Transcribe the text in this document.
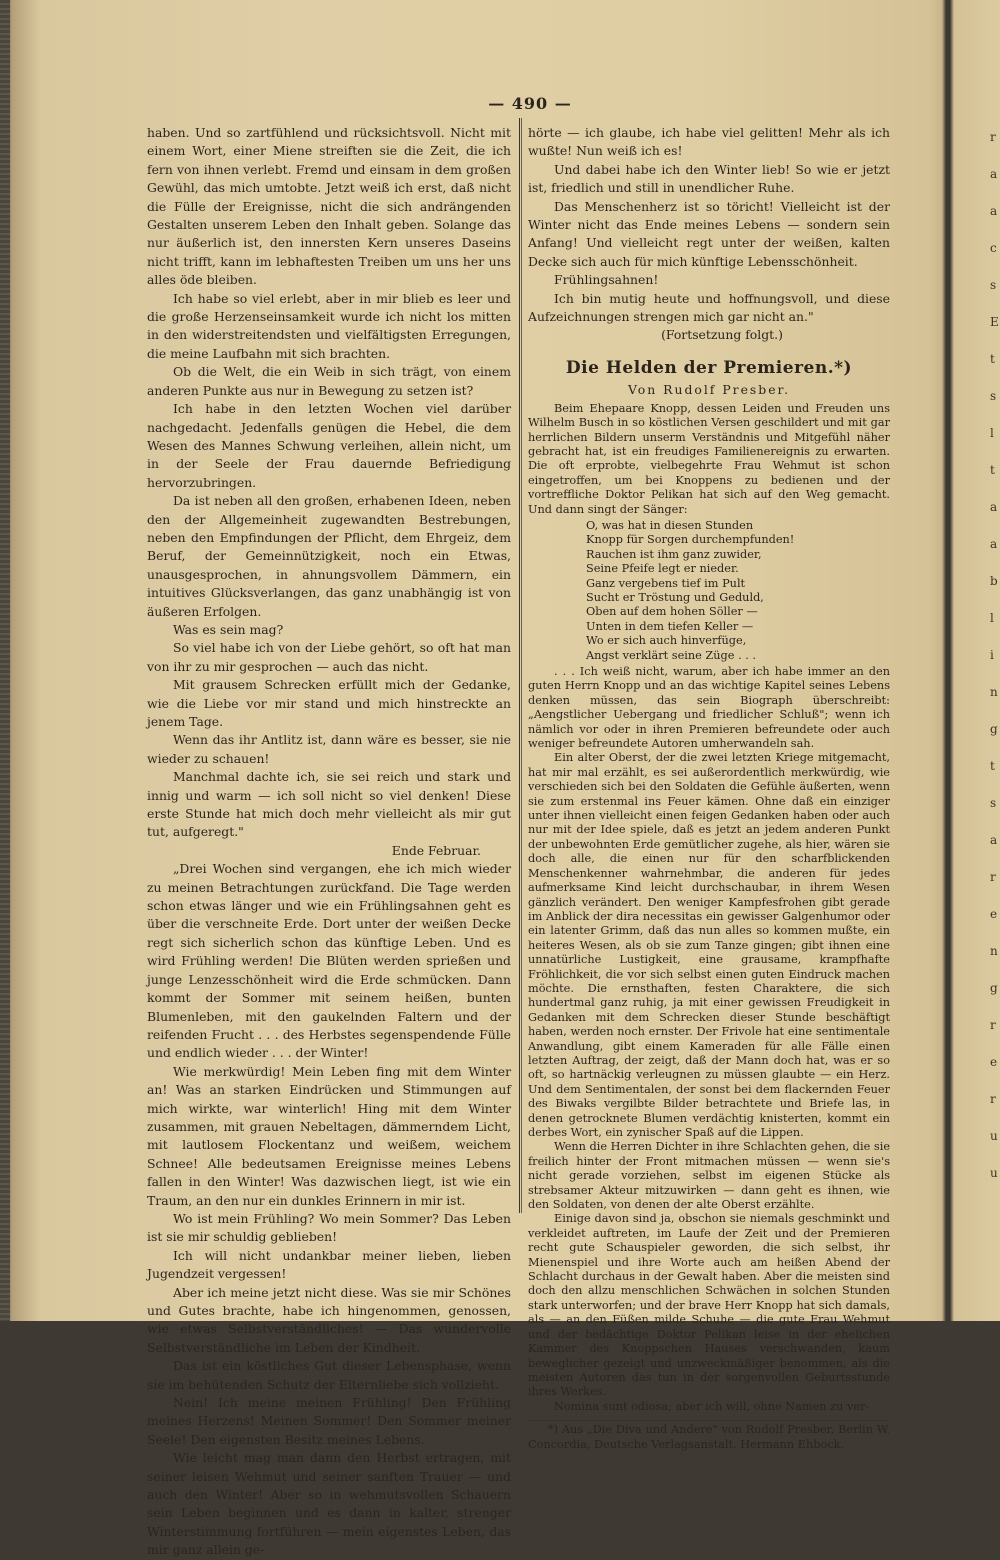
— 490 —

haben. Und so zartfühlend und rücksichtsvoll. Nicht mit einem Wort, einer Miene streiften sie die Zeit, die ich fern von ihnen verlebt. Fremd und einsam in dem großen Gewühl, das mich umtobte. Jetzt weiß ich erst, daß nicht die Fülle der Ereignisse, nicht die sich andrängenden Gestalten unserem Leben den Inhalt geben. Solange das nur äußerlich ist, den innersten Kern unseres Daseins nicht trifft, kann im lebhaftesten Treiben um uns her uns alles öde bleiben.

Ich habe so viel erlebt, aber in mir blieb es leer und die große Herzenseinsamkeit wurde ich nicht los mitten in den widerstreitendsten und vielfältigsten Erregungen, die meine Laufbahn mit sich brachten.

Ob die Welt, die ein Weib in sich trägt, von einem anderen Punkte aus nur in Bewegung zu setzen ist?

Ich habe in den letzten Wochen viel darüber nachgedacht. Jedenfalls genügen die Hebel, die dem Wesen des Mannes Schwung verleihen, allein nicht, um in der Seele der Frau dauernde Befriedigung hervorzubringen.

Da ist neben all den großen, erhabenen Ideen, neben den der Allgemeinheit zugewandten Bestrebungen, neben den Empfindungen der Pflicht, dem Ehrgeiz, dem Beruf, der Gemeinnützigkeit, noch ein Etwas, unausgesprochen, in ahnungsvollem Dämmern, ein intuitives Glücksverlangen, das ganz unabhängig ist von äußeren Erfolgen.

Was es sein mag?

So viel habe ich von der Liebe gehört, so oft hat man von ihr zu mir gesprochen — auch das nicht.

Mit grausem Schrecken erfüllt mich der Gedanke, wie die Liebe vor mir stand und mich hinstreckte an jenem Tage.

Wenn das ihr Antlitz ist, dann wäre es besser, sie nie wieder zu schauen!

Manchmal dachte ich, sie sei reich und stark und innig und warm — ich soll nicht so viel denken! Diese erste Stunde hat mich doch mehr vielleicht als mir gut tut, aufgeregt."

Ende Februar.

„Drei Wochen sind vergangen, ehe ich mich wieder zu meinen Betrachtungen zurückfand. Die Tage werden schon etwas länger und wie ein Frühlingsahnen geht es über die verschneite Erde. Dort unter der weißen Decke regt sich sicherlich schon das künftige Leben. Und es wird Frühling werden! Die Blüten werden sprießen und junge Lenzesschönheit wird die Erde schmücken. Dann kommt der Sommer mit seinem heißen, bunten Blumenleben, mit den gaukelnden Faltern und der reifenden Frucht . . . des Herbstes segenspendende Fülle und endlich wieder . . . der Winter!

Wie merkwürdig! Mein Leben fing mit dem Winter an! Was an starken Eindrücken und Stimmungen auf mich wirkte, war winterlich! Hing mit dem Winter zusammen, mit grauen Nebeltagen, dämmerndem Licht, mit lautlosem Flockentanz und weißem, weichem Schnee! Alle bedeutsamen Ereignisse meines Lebens fallen in den Winter! Was dazwischen liegt, ist wie ein Traum, an den nur ein dunkles Erinnern in mir ist.

Wo ist mein Frühling? Wo mein Sommer? Das Leben ist sie mir schuldig geblieben!

Ich will nicht undankbar meiner lieben, lieben Jugendzeit vergessen!

Aber ich meine jetzt nicht diese. Was sie mir Schönes und Gutes brachte, habe ich hingenommen, genossen, wie etwas Selbstverständliches! — Das wundervolle Selbstverständliche im Leben der Kindheit.

Das ist ein köstliches Gut dieser Lebensphase, wenn sie im behütenden Schutz der Elternliebe sich vollzieht.

Nein! Ich meine meinen Frühling! Den Frühling meines Herzens! Meinen Sommer! Den Sommer meiner Seele! Den eigensten Besitz meines Lebens.

Wie leicht mag man dann den Herbst ertragen, mit seiner leisen Wehmut und seiner sanften Trauer — und auch den Winter! Aber so in wehmutsvollen Schauern sein Leben beginnen und es dann in kalter, strenger Winterstimmung fortführen — mein eigenstes Leben, das mir ganz allein ge-

hörte — ich glaube, ich habe viel gelitten! Mehr als ich wußte! Nun weiß ich es!

Und dabei habe ich den Winter lieb! So wie er jetzt ist, friedlich und still in unendlicher Ruhe.

Das Menschenherz ist so töricht! Vielleicht ist der Winter nicht das Ende meines Lebens — sondern sein Anfang! Und vielleicht regt unter der weißen, kalten Decke sich auch für mich künftige Lebensschönheit.

Frühlingsahnen!

Ich bin mutig heute und hoffnungsvoll, und diese Aufzeichnungen strengen mich gar nicht an."

(Fortsetzung folgt.)

Die Helden der Premieren.*)
Von Rudolf Presber.

Beim Ehepaare Knopp, dessen Leiden und Freuden uns Wilhelm Busch in so köstlichen Versen geschildert und mit gar herrlichen Bildern unserm Verständnis und Mitgefühl näher gebracht hat, ist ein freudiges Familienereignis zu erwarten. Die oft erprobte, vielbegehrte Frau Wehmut ist schon eingetroffen, um bei Knoppens zu bedienen und der vortreffliche Doktor Pelikan hat sich auf den Weg gemacht. Und dann singt der Sänger:

O, was hat in diesen Stunden
Knopp für Sorgen durchempfunden!
Rauchen ist ihm ganz zuwider,
Seine Pfeife legt er nieder.
Ganz vergebens tief im Pult
Sucht er Tröstung und Geduld,
Oben auf dem hohen Söller —
Unten in dem tiefen Keller —
Wo er sich auch hinverfüge,
Angst verklärt seine Züge . . .

. . . Ich weiß nicht, warum, aber ich habe immer an den guten Herrn Knopp und an das wichtige Kapitel seines Lebens denken müssen, das sein Biograph überschreibt: „Aengstlicher Uebergang und friedlicher Schluß"; wenn ich nämlich vor oder in ihren Premieren befreundete oder auch weniger befreundete Autoren umherwandeln sah.

Ein alter Oberst, der die zwei letzten Kriege mitgemacht, hat mir mal erzählt, es sei außerordentlich merkwürdig, wie verschieden sich bei den Soldaten die Gefühle äußerten, wenn sie zum erstenmal ins Feuer kämen. Ohne daß ein einziger unter ihnen vielleicht einen feigen Gedanken haben oder auch nur mit der Idee spiele, daß es jetzt an jedem anderen Punkt der unbewohnten Erde gemütlicher zugehe, als hier, wären sie doch alle, die einen nur für den scharfblickenden Menschenkenner wahrnehmbar, die anderen für jedes aufmerksame Kind leicht durchschaubar, in ihrem Wesen gänzlich verändert. Den weniger Kampfesfrohen gibt gerade im Anblick der dira necessitas ein gewisser Galgenhumor oder ein latenter Grimm, daß das nun alles so kommen mußte, ein heiteres Wesen, als ob sie zum Tanze gingen; gibt ihnen eine unnatürliche Lustigkeit, eine grausame, krampfhafte Fröhlichkeit, die vor sich selbst einen guten Eindruck machen möchte. Die ernsthaften, festen Charaktere, die sich hundertmal ganz ruhig, ja mit einer gewissen Freudigkeit in Gedanken mit dem Schrecken dieser Stunde beschäftigt haben, werden noch ernster. Der Frivole hat eine sentimentale Anwandlung, gibt einem Kameraden für alle Fälle einen letzten Auftrag, der zeigt, daß der Mann doch hat, was er so oft, so hartnäckig verleugnen zu müssen glaubte — ein Herz. Und dem Sentimentalen, der sonst bei dem flackernden Feuer des Biwaks vergilbte Bilder betrachtete und Briefe las, in denen getrocknete Blumen verdächtig knisterten, kommt ein derbes Wort, ein zynischer Spaß auf die Lippen.

Wenn die Herren Dichter in ihre Schlachten gehen, die sie freilich hinter der Front mitmachen müssen — wenn sie's nicht gerade vorziehen, selbst im eigenen Stücke als strebsamer Akteur mitzuwirken — dann geht es ihnen, wie den Soldaten, von denen der alte Oberst erzählte.

Einige davon sind ja, obschon sie niemals geschminkt und verkleidet auftreten, im Laufe der Zeit und der Premieren recht gute Schauspieler geworden, die sich selbst, ihr Mienenspiel und ihre Worte auch am heißen Abend der Schlacht durchaus in der Gewalt haben. Aber die meisten sind doch den allzu menschlichen Schwächen in solchen Stunden stark unterworfen; und der brave Herr Knopp hat sich damals, als — an den Füßen milde Schuhe — die gute Frau Wehmut und der bedächtige Doktor Pelikan leise in der ehelichen Kammer des Knoppschen Hauses verschwanden, kaum beweglicher gezeigt und unzweckmäßiger benommen, als die meisten Autoren das tun in der sorgenvollen Geburtsstunde ihres Werkes.

Nomina sunt odiosa; aber ich will, ohne Namen zu ver-

*) Aus „Die Diva und Andere" von Rudolf Presber, Berlin W. Concordia, Deutsche Verlagsanstalt. Hermann Ehbock.

r
a
a
c
s
E
t
s
l
t
a
a
b
l
i
n
g
t
s
a
r
e
n
g
r
e
r
u
u
